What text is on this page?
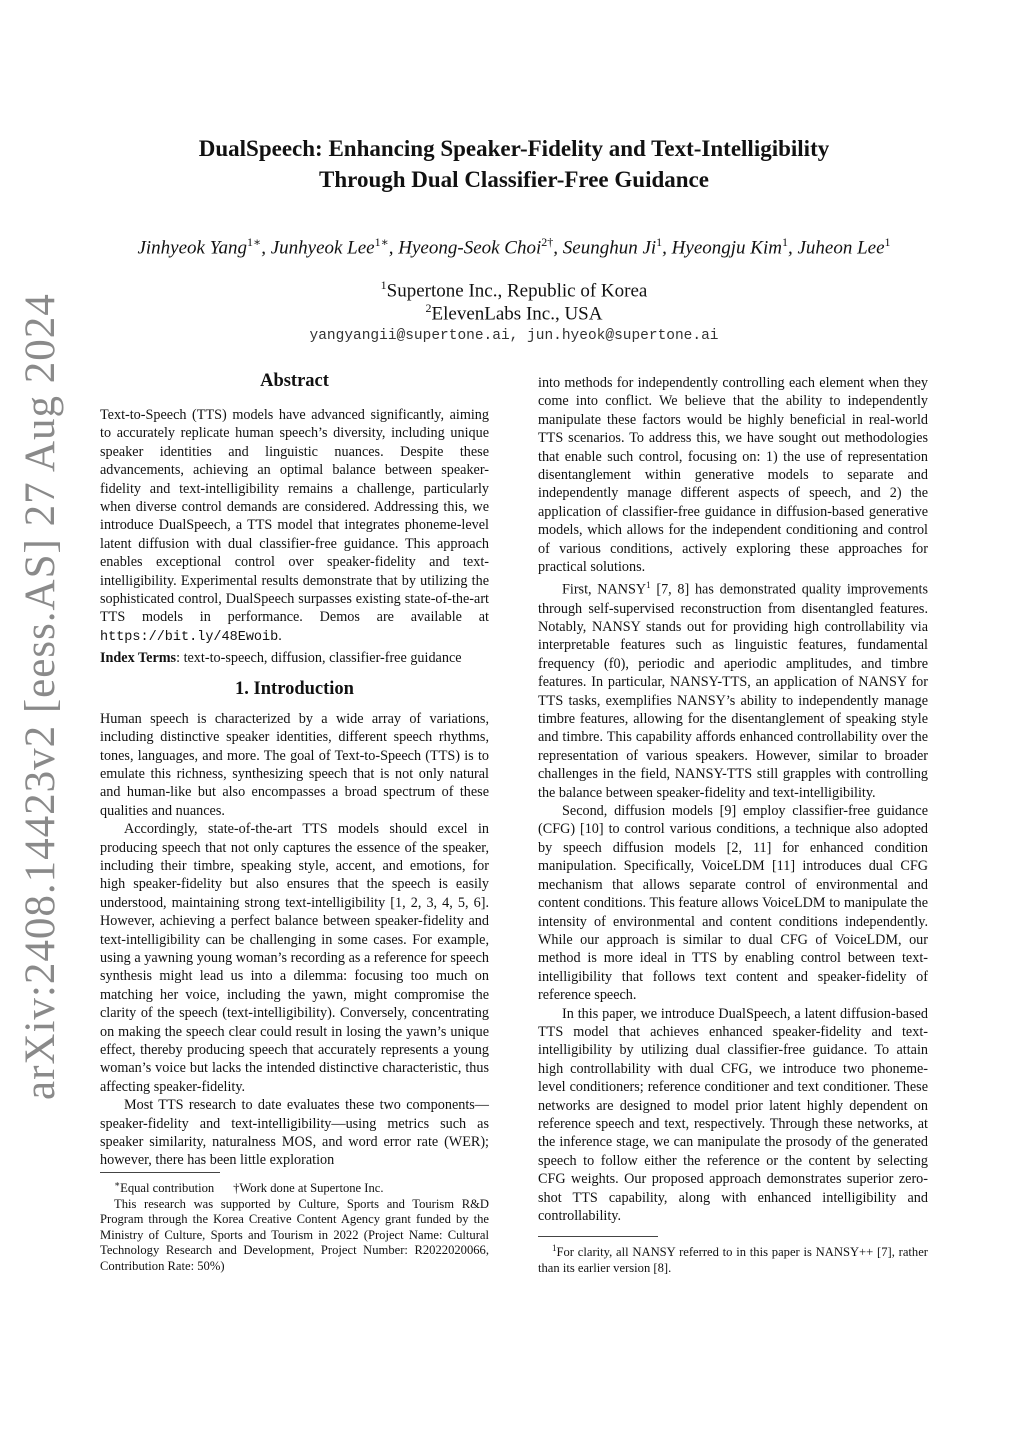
arXiv:2408.14423v2 [eess.AS] 27 Aug 2024
DualSpeech: Enhancing Speaker-Fidelity and Text-Intelligibility
Through Dual Classifier-Free Guidance
Jinhyeok Yang$^{1∗}$, Junhyeok Lee$^{1∗}$, Hyeong-Seok Choi$^{2\dagger}$, Seunghun Ji$^1$, Hyeongju Kim$^1$, Juheon Lee$^1$
$^1$Supertone Inc., Republic of Korea
$^2$ElevenLabs Inc., USA
yangyangii@supertone.ai, jun.hyeok@supertone.ai
Abstract

Text-to-Speech (TTS) models have advanced significantly, aiming to accurately replicate human speech’s diversity, including unique speaker identities and linguistic nuances. Despite these advancements, achieving an optimal balance between speaker-fidelity and text-intelligibility remains a challenge, particularly when diverse control demands are considered. Addressing this, we introduce DualSpeech, a TTS model that integrates phoneme-level latent diffusion with dual classifier-free guidance. This approach enables exceptional control over speaker-fidelity and text-intelligibility. Experimental results demonstrate that by utilizing the sophisticated control, DualSpeech surpasses existing state-of-the-art TTS models in performance. Demos are available at https://bit.ly/48Ewoib.

Index Terms: text-to-speech, diffusion, classifier-free guidance

1. Introduction

Human speech is characterized by a wide array of variations, including distinctive speaker identities, different speech rhythms, tones, languages, and more. The goal of Text-to-Speech (TTS) is to emulate this richness, synthesizing speech that is not only natural and human-like but also encompasses a broad spectrum of these qualities and nuances.

Accordingly, state-of-the-art TTS models should excel in producing speech that not only captures the essence of the speaker, including their timbre, speaking style, accent, and emotions, for high speaker-fidelity but also ensures that the speech is easily understood, maintaining strong text-intelligibility [1, 2, 3, 4, 5, 6]. However, achieving a perfect balance between speaker-fidelity and text-intelligibility can be challenging in some cases. For example, using a yawning young woman’s recording as a reference for speech synthesis might lead us into a dilemma: focusing too much on matching her voice, including the yawn, might compromise the clarity of the speech (text-intelligibility). Conversely, concentrating on making the speech clear could result in losing the yawn’s unique effect, thereby producing speech that accurately represents a young woman’s voice but lacks the intended distinctive characteristic, thus affecting speaker-fidelity.

Most TTS research to date evaluates these two components—speaker-fidelity and text-intelligibility—using metrics such as speaker similarity, naturalness MOS, and word error rate (WER); however, there has been little exploration

∗Equal contribution †Work done at Supertone Inc.

This research was supported by Culture, Sports and Tourism R&D Program through the Korea Creative Content Agency grant funded by the Ministry of Culture, Sports and Tourism in 2022 (Project Name: Cultural Technology Research and Development, Project Number: R2022020066, Contribution Rate: 50%)

into methods for independently controlling each element when they come into conflict. We believe that the ability to independently manipulate these factors would be highly beneficial in real-world TTS scenarios. To address this, we have sought out methodologies that enable such control, focusing on: 1) the use of representation disentanglement within generative models to separate and independently manage different aspects of speech, and 2) the application of classifier-free guidance in diffusion-based generative models, which allows for the independent conditioning and control of various conditions, actively exploring these approaches for practical solutions.

First, NANSY$^1$ [7, 8] has demonstrated quality improvements through self-supervised reconstruction from disentangled features. Notably, NANSY stands out for providing high controllability via interpretable features such as linguistic features, fundamental frequency (f0), periodic and aperiodic amplitudes, and timbre features. In particular, NANSY-TTS, an application of NANSY for TTS tasks, exemplifies NANSY’s ability to independently manage timbre features, allowing for the disentanglement of speaking style and timbre. This capability affords enhanced controllability over the representation of various speakers. However, similar to broader challenges in the field, NANSY-TTS still grapples with controlling the balance between speaker-fidelity and text-intelligibility.

Second, diffusion models [9] employ classifier-free guidance (CFG) [10] to control various conditions, a technique also adopted by speech diffusion models [2, 11] for enhanced condition manipulation. Specifically, VoiceLDM [11] introduces dual CFG mechanism that allows separate control of environmental and content conditions. This feature allows VoiceLDM to manipulate the intensity of environmental and content conditions independently. While our approach is similar to dual CFG of VoiceLDM, our method is more ideal in TTS by enabling control between text-intelligibility that follows text content and speaker-fidelity of reference speech.

In this paper, we introduce DualSpeech, a latent diffusion-based TTS model that achieves enhanced speaker-fidelity and text-intelligibility by utilizing dual classifier-free guidance. To attain high controllability with dual CFG, we introduce two phoneme-level conditioners; reference conditioner and text conditioner. These networks are designed to model prior latent highly dependent on reference speech and text, respectively. Through these networks, at the inference stage, we can manipulate the prosody of the generated speech to follow either the reference or the content by selecting CFG weights. Our proposed approach demonstrates superior zero-shot TTS capability, along with enhanced intelligibility and controllability.

$^1$For clarity, all NANSY referred to in this paper is NANSY++ [7], rather than its earlier version [8].
